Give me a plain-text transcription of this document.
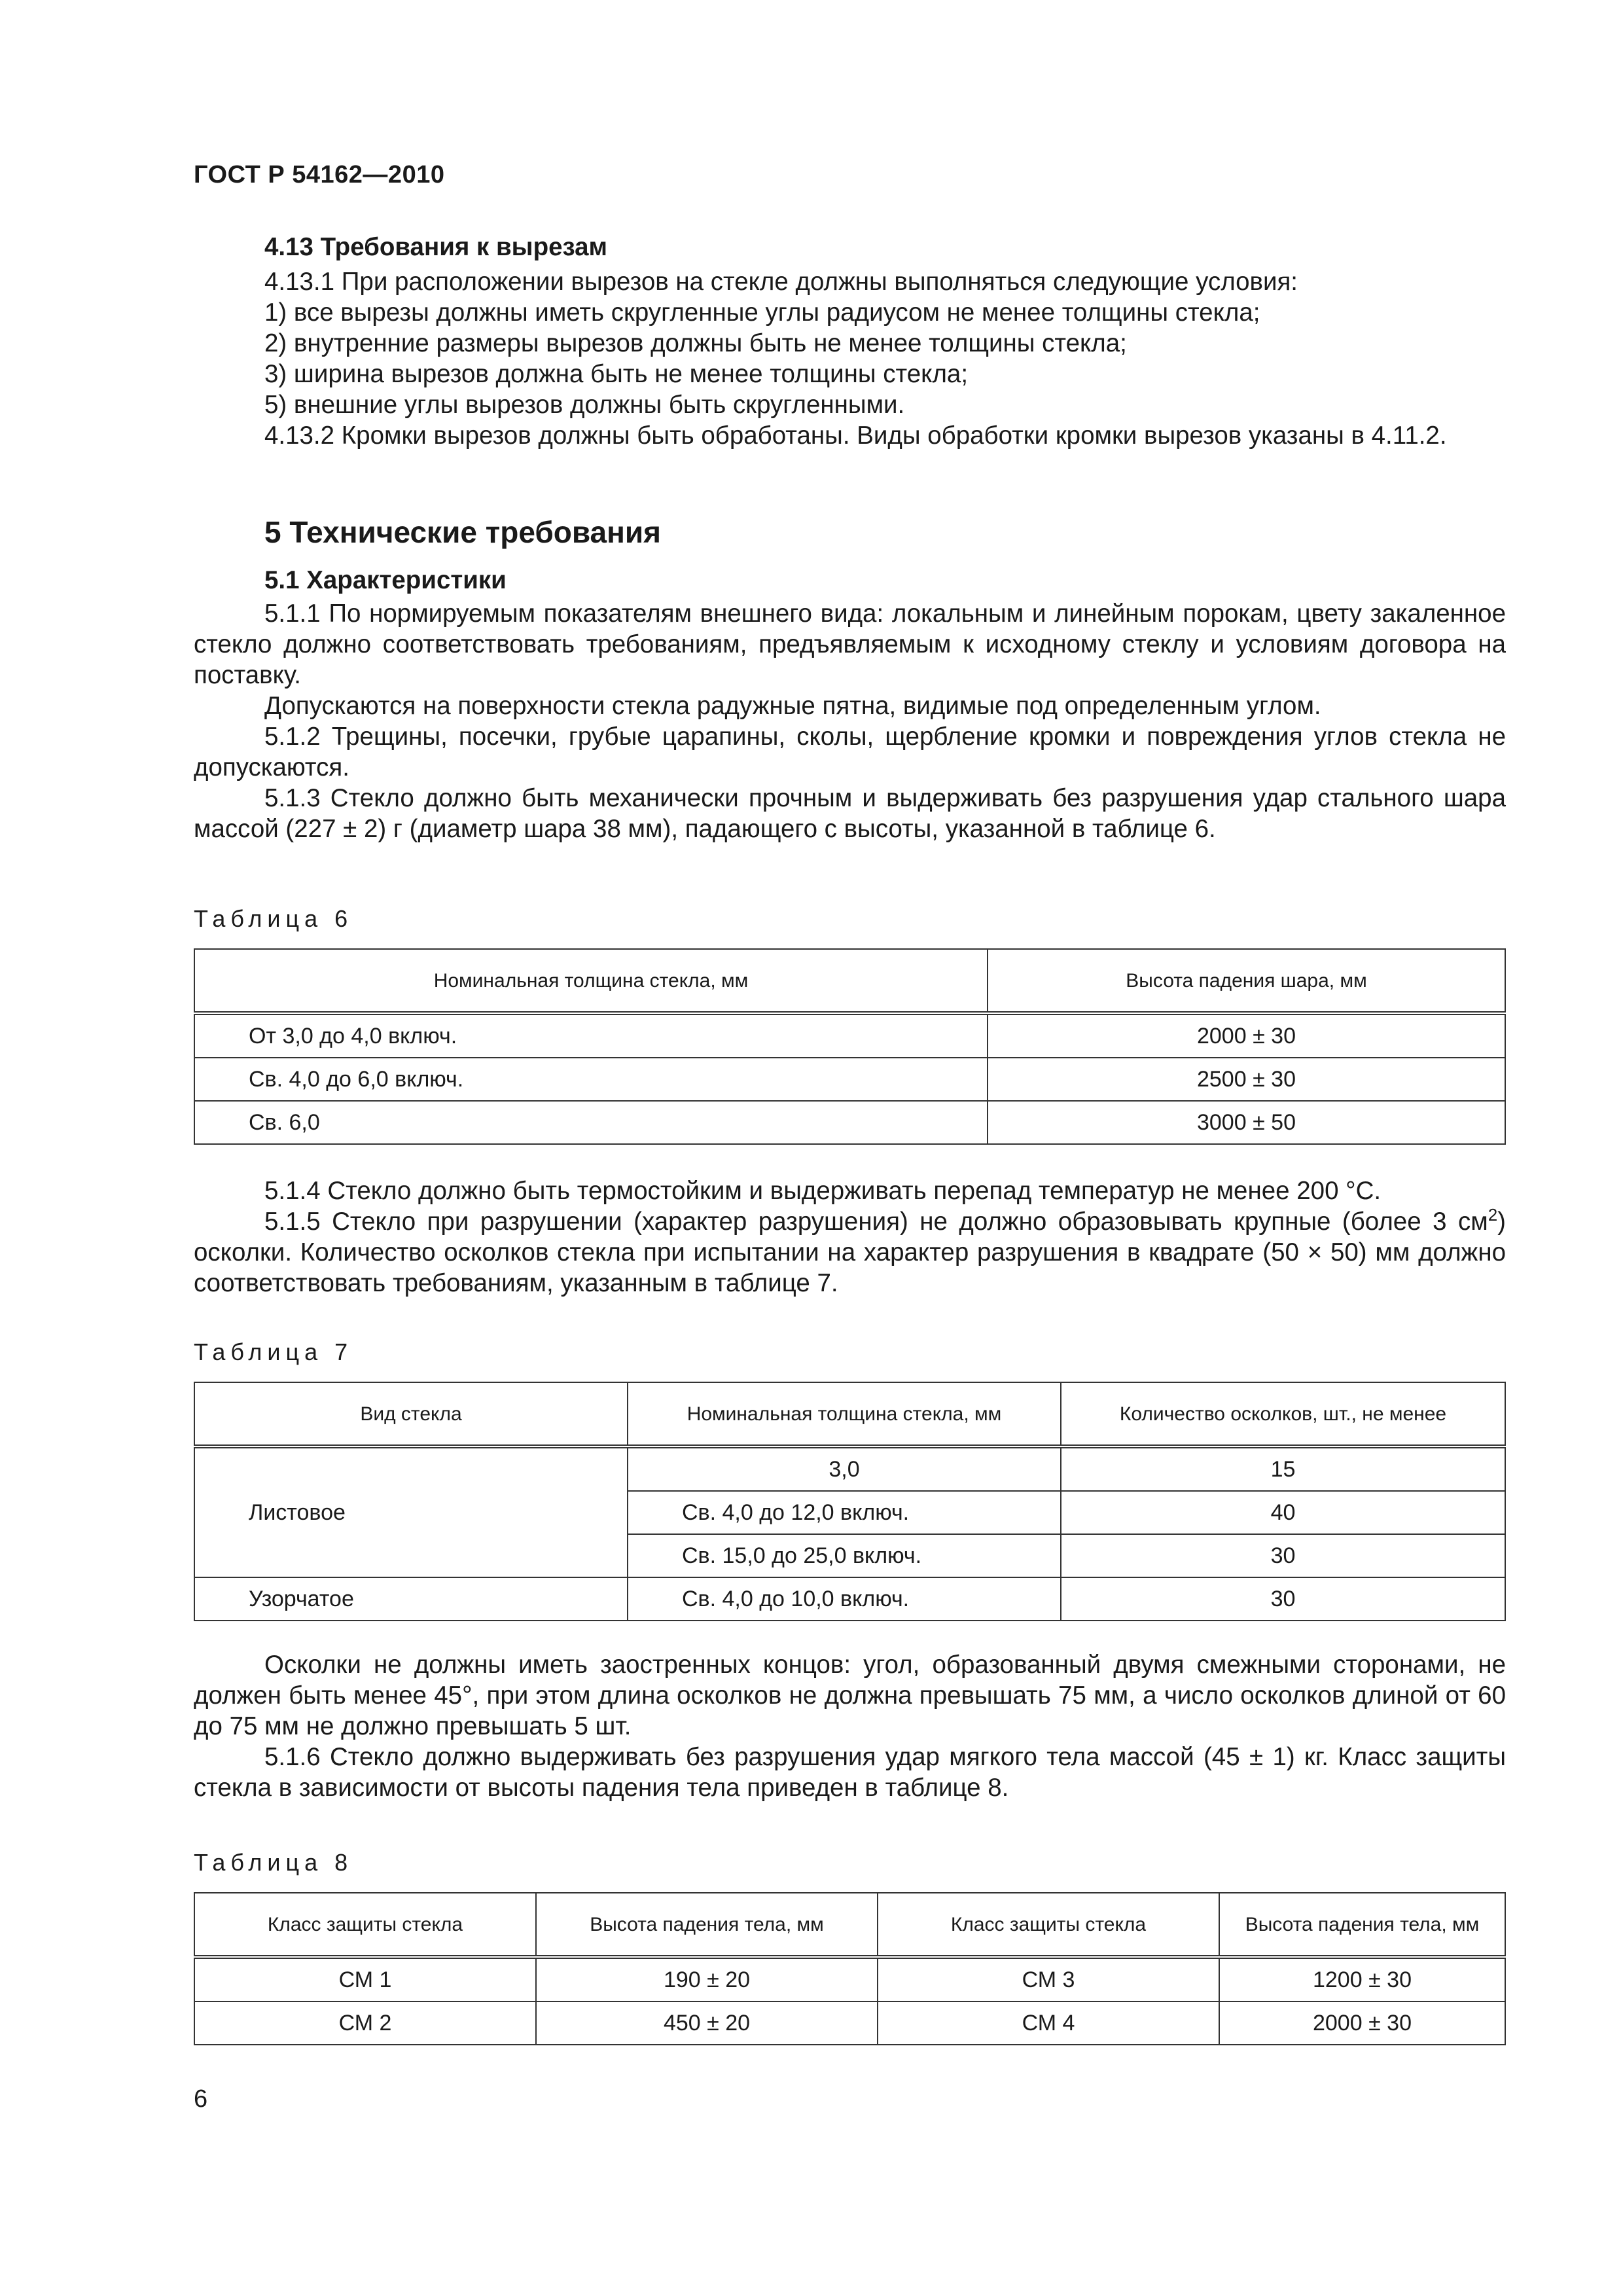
ГОСТ Р 54162—2010

4.13 Требования к вырезам

4.13.1 При расположении вырезов на стекле должны выполняться следующие условия:

1) все вырезы должны иметь скругленные углы радиусом не менее толщины стекла;

2) внутренние размеры вырезов должны быть не менее толщины стекла;

3) ширина вырезов должна быть не менее толщины стекла;

5) внешние углы вырезов должны быть скругленными.

4.13.2 Кромки вырезов должны быть обработаны. Виды обработки кромки вырезов указаны в 4.11.2.

5 Технические требования

5.1 Характеристики

5.1.1 По нормируемым показателям внешнего вида: локальным и линейным порокам, цвету закаленное стекло должно соответствовать требованиям, предъявляемым к исходному стеклу и условиям договора на поставку.

Допускаются на поверхности стекла радужные пятна, видимые под определенным углом.

5.1.2 Трещины, посечки, грубые царапины, сколы, щербление кромки и повреждения углов стекла не допускаются.

5.1.3 Стекло должно быть механически прочным и выдерживать без разрушения удар стального шара массой (227 ± 2) г (диаметр шара 38 мм), падающего с высоты, указанной в таблице 6.

Таблица 6

Номинальная толщина стекла, мм	Высота падения шара, мм
От 3,0 до 4,0 включ.	2000 ± 30
Св. 4,0 до 6,0 включ.	2500 ± 30
Св. 6,0	3000 ± 50

5.1.4 Стекло должно быть термостойким и выдерживать перепад температур не менее 200 °С.

5.1.5 Стекло при разрушении (характер разрушения) не должно образовывать крупные (более 3 $см^2$) осколки. Количество осколков стекла при испытании на характер разрушения в квадрате (50 × 50) мм должно соответствовать требованиям, указанным в таблице 7.

Таблица 7

Вид стекла	Номинальная толщина стекла, мм	Количество осколков, шт., не менее
Листовое	3,0	15
	Св. 4,0 до 12,0 включ.	40
	Св. 15,0 до 25,0 включ.	30
Узорчатое	Св. 4,0 до 10,0 включ.	30

Осколки не должны иметь заостренных концов: угол, образованный двумя смежными сторонами, не должен быть менее 45°, при этом длина осколков не должна превышать 75 мм, а число осколков длиной от 60 до 75 мм не должно превышать 5 шт.

5.1.6 Стекло должно выдерживать без разрушения удар мягкого тела массой (45 ± 1) кг. Класс защиты стекла в зависимости от высоты падения тела приведен в таблице 8.

Таблица 8

Класс защиты стекла	Высота падения тела, мм	Класс защиты стекла	Высота падения тела, мм
СМ 1	190 ± 20	СМ 3	1200 ± 30
СМ 2	450 ± 20	СМ 4	2000 ± 30
6
